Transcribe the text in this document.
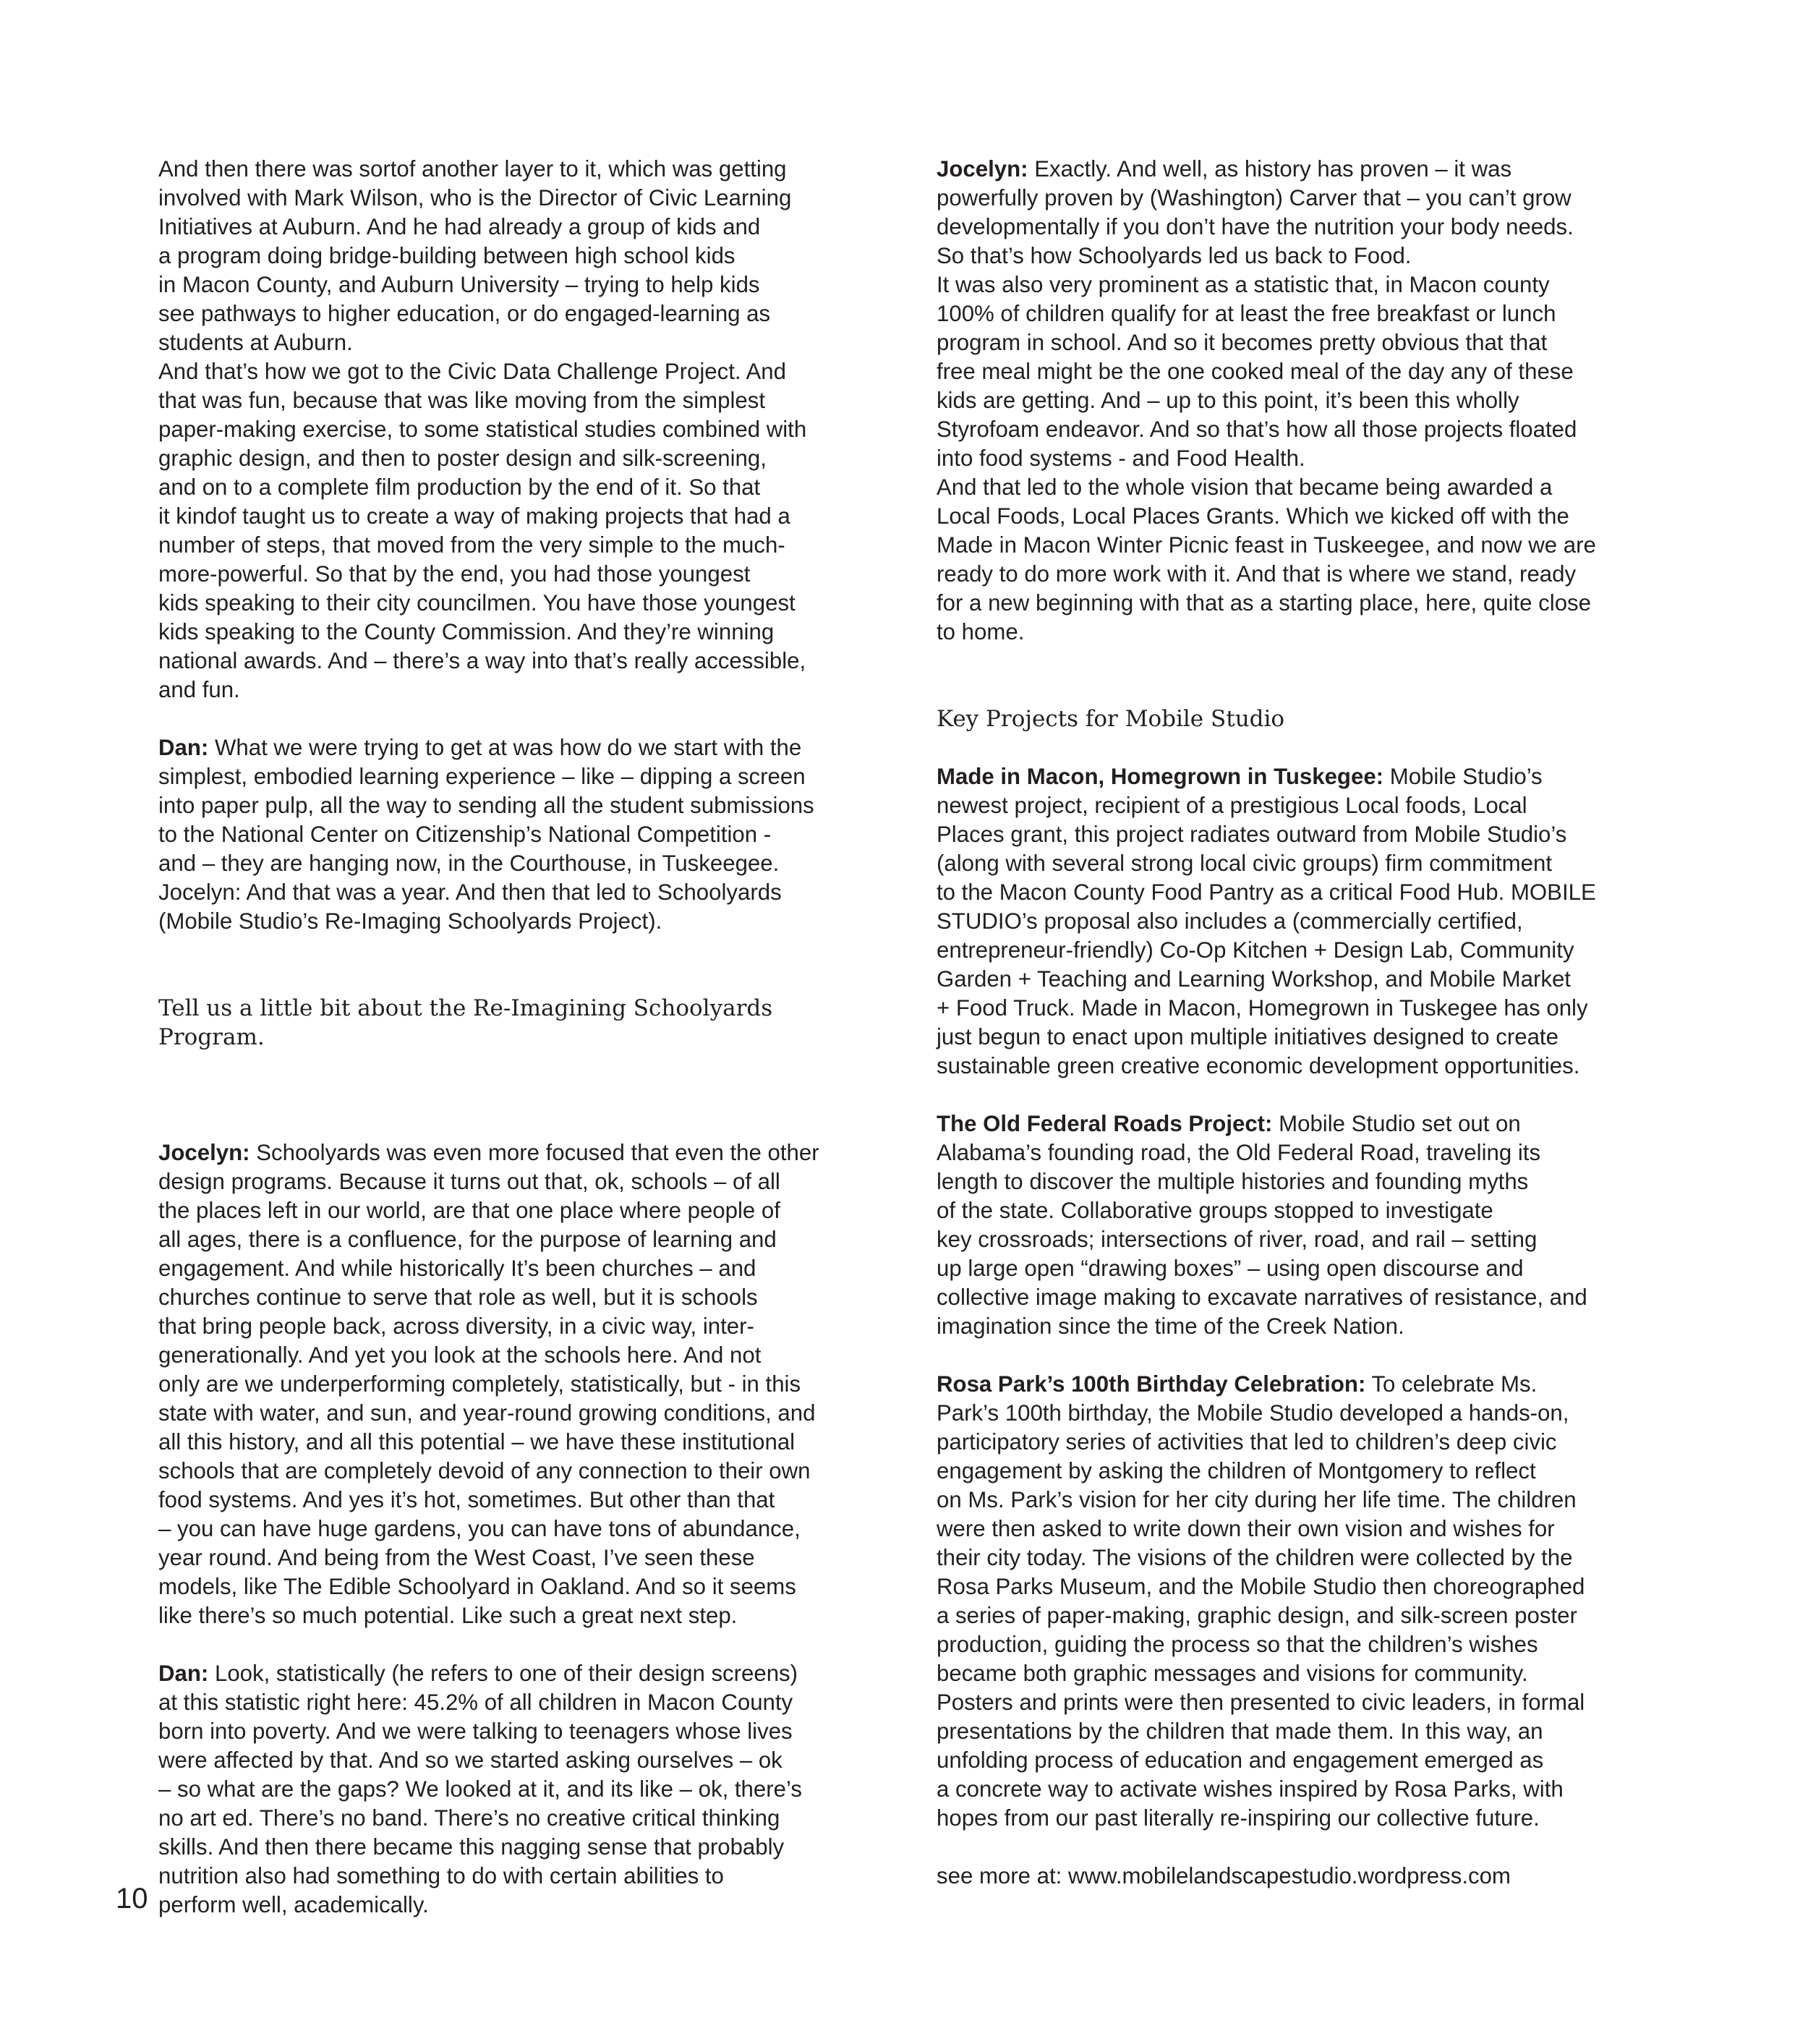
And then there was sortof another layer to it, which was getting

involved with Mark Wilson, who is the Director of Civic Learning

Initiatives at Auburn. And he had already a group of kids and

a program doing bridge-building between high school kids

in Macon County, and Auburn University – trying to help kids

see pathways to higher education, or do engaged-learning as

students at Auburn.

And that’s how we got to the Civic Data Challenge Project. And

that was fun, because that was like moving from the simplest

paper-making exercise, to some statistical studies combined with

graphic design, and then to poster design and silk-screening,

and on to a complete film production by the end of it. So that

it kindof taught us to create a way of making projects that had a

number of steps, that moved from the very simple to the much-

more-powerful. So that by the end, you had those youngest

kids speaking to their city councilmen. You have those youngest

kids speaking to the County Commission. And they’re winning

national awards. And – there’s a way into that’s really accessible,

and fun.

Dan: What we were trying to get at was how do we start with the

simplest, embodied learning experience – like – dipping a screen

into paper pulp, all the way to sending all the student submissions

to the National Center on Citizenship’s National Competition -

and – they are hanging now, in the Courthouse, in Tuskeegee.

Jocelyn: And that was a year. And then that led to Schoolyards

(Mobile Studio’s Re-Imaging Schoolyards Project).

Tell us a little bit about the Re-Imagining Schoolyards

Program.

Jocelyn: Schoolyards was even more focused that even the other

design programs. Because it turns out that, ok, schools – of all

the places left in our world, are that one place where people of

all ages, there is a confluence, for the purpose of learning and

engagement. And while historically It’s been churches – and

churches continue to serve that role as well, but it is schools

that bring people back, across diversity, in a civic way, inter-

generationally. And yet you look at the schools here. And not

only are we underperforming completely, statistically, but - in this

state with water, and sun, and year-round growing conditions, and

all this history, and all this potential – we have these institutional

schools that are completely devoid of any connection to their own

food systems. And yes it’s hot, sometimes. But other than that

– you can have huge gardens, you can have tons of abundance,

year round. And being from the West Coast, I’ve seen these

models, like The Edible Schoolyard in Oakland. And so it seems

like there’s so much potential. Like such a great next step.

Dan: Look, statistically (he refers to one of their design screens)

at this statistic right here: 45.2% of all children in Macon County

born into poverty. And we were talking to teenagers whose lives

were affected by that. And so we started asking ourselves – ok

– so what are the gaps? We looked at it, and its like – ok, there’s

no art ed. There’s no band. There’s no creative critical thinking

skills. And then there became this nagging sense that probably

nutrition also had something to do with certain abilities to

perform well, academically.

Jocelyn: Exactly. And well, as history has proven – it was

powerfully proven by (Washington) Carver that – you can’t grow

developmentally if you don’t have the nutrition your body needs.

So that’s how Schoolyards led us back to Food.

It was also very prominent as a statistic that, in Macon county

100% of children qualify for at least the free breakfast or lunch

program in school. And so it becomes pretty obvious that that

free meal might be the one cooked meal of the day any of these

kids are getting. And – up to this point, it’s been this wholly

Styrofoam endeavor. And so that’s how all those projects floated

into food systems - and Food Health.

And that led to the whole vision that became being awarded a

Local Foods, Local Places Grants. Which we kicked off with the

Made in Macon Winter Picnic feast in Tuskeegee, and now we are

ready to do more work with it. And that is where we stand, ready

for a new beginning with that as a starting place, here, quite close

to home.

Key Projects for Mobile Studio

Made in Macon, Homegrown in Tuskegee: Mobile Studio’s

newest project, recipient of a prestigious Local foods, Local

Places grant, this project radiates outward from Mobile Studio’s

(along with several strong local civic groups) firm commitment

to the Macon County Food Pantry as a critical Food Hub. MOBILE

STUDIO’s proposal also includes a (commercially certified,

entrepreneur-friendly) Co-Op Kitchen + Design Lab, Community

Garden + Teaching and Learning Workshop, and Mobile Market

+ Food Truck. Made in Macon, Homegrown in Tuskegee has only

just begun to enact upon multiple initiatives designed to create

sustainable green creative economic development opportunities.

The Old Federal Roads Project: Mobile Studio set out on

Alabama’s founding road, the Old Federal Road, traveling its

length to discover the multiple histories and founding myths

of the state. Collaborative groups stopped to investigate

key crossroads; intersections of river, road, and rail – setting

up large open “drawing boxes” – using open discourse and

collective image making to excavate narratives of resistance, and

imagination since the time of the Creek Nation.

Rosa Park’s 100th Birthday Celebration: To celebrate Ms.

Park’s 100th birthday, the Mobile Studio developed a hands-on,

participatory series of activities that led to children’s deep civic

engagement by asking the children of Montgomery to reflect

on Ms. Park’s vision for her city during her life time. The children

were then asked to write down their own vision and wishes for

their city today. The visions of the children were collected by the

Rosa Parks Museum, and the Mobile Studio then choreographed

a series of paper-making, graphic design, and silk-screen poster

production, guiding the process so that the children’s wishes

became both graphic messages and visions for community.

Posters and prints were then presented to civic leaders, in formal

presentations by the children that made them. In this way, an

unfolding process of education and engagement emerged as

a concrete way to activate wishes inspired by Rosa Parks, with

hopes from our past literally re-inspiring our collective future.

see more at: www.mobilelandscapestudio.wordpress.com

10
